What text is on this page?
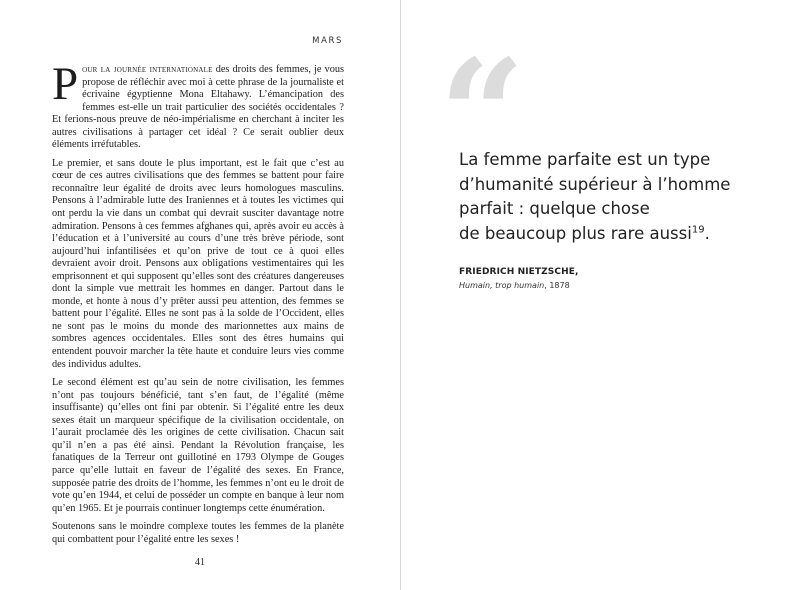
MARS

Pour la journée internationale des droits des femmes, je vous propose de réfléchir avec moi à cette phrase de la journaliste et écrivaine égyptienne Mona Eltahawy. L’émancipation des femmes est-elle un trait particulier des sociétés occidentales ? Et ferions-nous preuve de néo-impérialisme en cherchant à inciter les autres civilisations à partager cet idéal ? Ce serait oublier deux éléments irréfutables.

Le premier, et sans doute le plus important, est le fait que c’est au cœur de ces autres civilisations que des femmes se battent pour faire reconnaître leur égalité de droits avec leurs homologues masculins. Pensons à l’admirable lutte des Iraniennes et à toutes les victimes qui ont perdu la vie dans un combat qui devrait susciter davantage notre admiration. Pensons à ces femmes afghanes qui, après avoir eu accès à l’éducation et à l’université au cours d’une très brève période, sont aujourd’hui infantilisées et qu’on prive de tout ce à quoi elles devraient avoir droit. Pensons aux obligations vestimentaires qui les emprisonnent et qui supposent qu’elles sont des créatures dangereuses dont la simple vue mettrait les hommes en danger. Partout dans le monde, et honte à nous d’y prêter aussi peu attention, des femmes se battent pour l’égalité. Elles ne sont pas à la solde de l’Occident, elles ne sont pas le moins du monde des marionnettes aux mains de sombres agences occidentales. Elles sont des êtres humains qui entendent pouvoir marcher la tête haute et conduire leurs vies comme des individus adultes.

Le second élément est qu’au sein de notre civilisation, les femmes n’ont pas toujours bénéficié, tant s’en faut, de l’égalité (même insuffisante) qu’elles ont fini par obtenir. Si l’égalité entre les deux sexes était un marqueur spécifique de la civilisation occidentale, on l’aurait proclamée dès les origines de cette civilisation. Chacun sait qu’il n’en a pas été ainsi. Pendant la Révolution française, les fanatiques de la Terreur ont guillotiné en 1793 Olympe de Gouges parce qu’elle luttait en faveur de l’égalité des sexes. En France, supposée patrie des droits de l’homme, les femmes n’ont eu le droit de vote qu’en 1944, et celui de posséder un compte en banque à leur nom qu’en 1965. Et je pourrais continuer longtemps cette énumération.

Soutenons sans le moindre complexe toutes les femmes de la planète qui combattent pour l’égalité entre les sexes !

41
“
La femme parfaite est un type
d’humanité supérieur à l’homme
parfait : quelque chose
de beaucoup plus rare aussi$^{19}$.
FRIEDRICH NIETZSCHE,
Humain, trop humain, 1878
